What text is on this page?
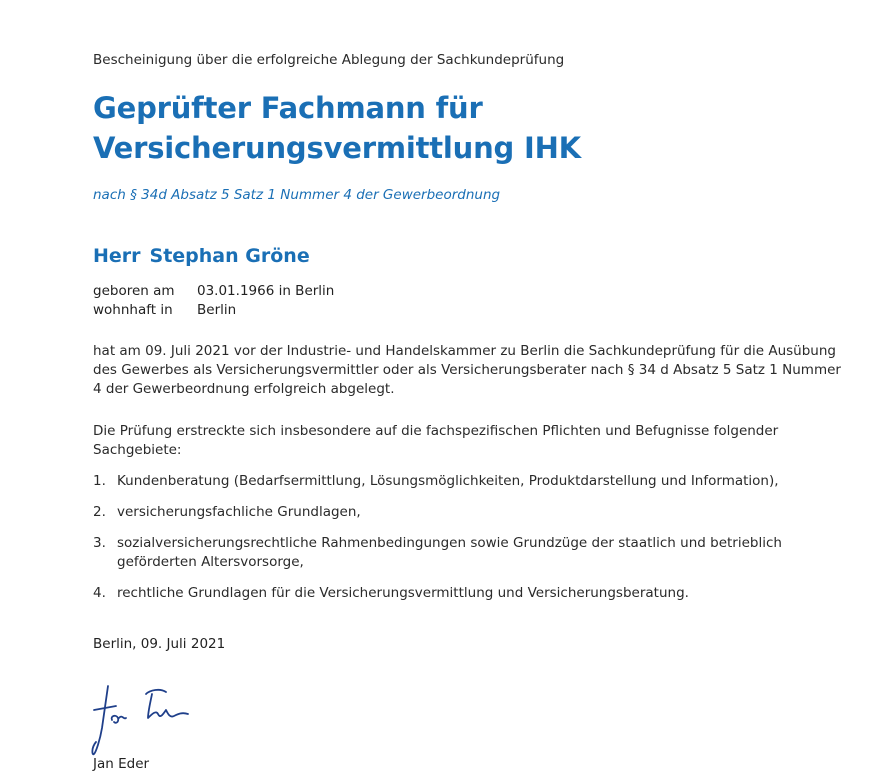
Bescheinigung über die erfolgreiche Ablegung der Sachkundeprüfung
Geprüfter Fachmann für
Versicherungsvermittlung IHK
nach § 34d Absatz 5 Satz 1 Nummer 4 der Gewerbeordnung
Herr Stephan Gröne
geboren am	03.01.1966 in Berlin
wohnhaft in	Berlin
hat am 09. Juli 2021 vor der Industrie- und Handelskammer zu Berlin die Sachkundeprüfung für die Ausübung des Gewerbes als Versicherungsvermittler oder als Versicherungsberater nach § 34 d Absatz 5 Satz 1 Nummer 4 der Gewerbeordnung erfolgreich abgelegt.
Die Prüfung erstreckte sich insbesondere auf die fachspezifischen Pflichten und Befugnisse folgender Sachgebiete:
1. Kundenberatung (Bedarfsermittlung, Lösungsmöglichkeiten, Produktdarstellung und Information),
2. versicherungsfachliche Grundlagen,
3. sozialversicherungsrechtliche Rahmenbedingungen sowie Grundzüge der staatlich und betrieblich geförderten Altersvorsorge,
4. rechtliche Grundlagen für die Versicherungsvermittlung und Versicherungsberatung.
Berlin, 09. Juli 2021
Jan Eder
